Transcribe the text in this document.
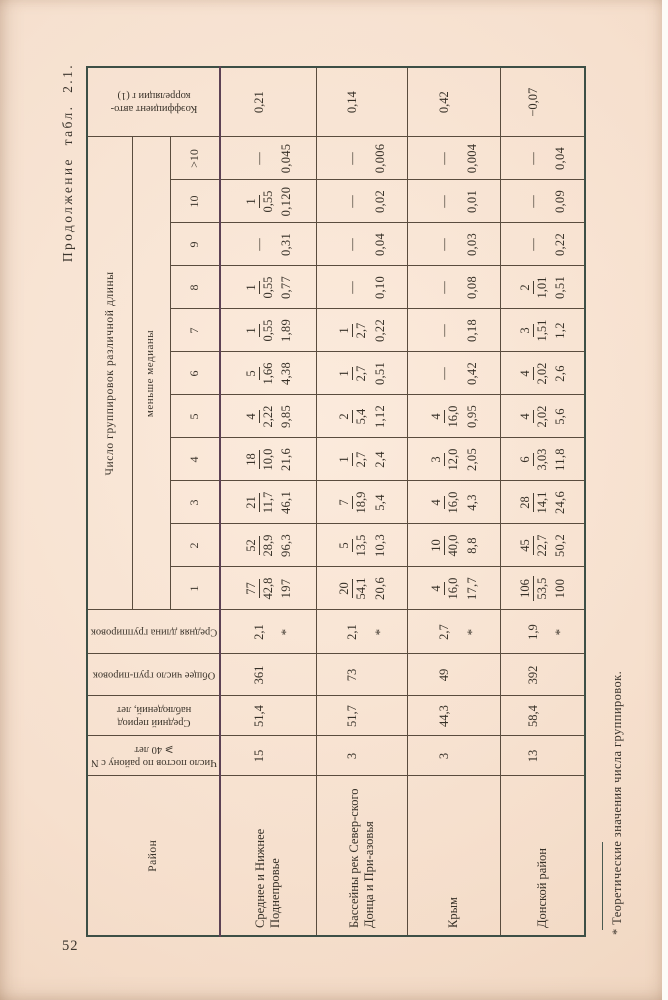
Продолжение табл. 2.1.
Район	Число постов по району с N ⩾ 40 лет	Средний период наблюдений, лет	Общее число груп-пировок	Средняя длина группировок	Число группировок различной длины											Коэффициент авто-корреляции r (1)

					меньше медианы											
					1	2	3	4	5	6	7	8	9	10	>10	
Среднее и Нижнее Поднепровье	15	51,4	361	2,1 *	77 42,8 197	52 28,9 96,3	21 11,7 46,1	18 10,0 21,6	4 2,22 9,85	5 1,66 4,38	1 0,55 1,89	1 0,55 0,77	— 0,31	1 0,55 0,120	— 0,045	0,21

Бассейны рек Север-ского Донца и При-азовья	3	51,7	73	2,1 *	20 54,1 20,6	5 13,5 10,3	7 18,9 5,4	1 2,7 2,4	2 5,4 1,12	1 2,7 0,51	1 2,7 0,22	— 0,10	— 0,04	— 0,02	— 0,006	0,14

Крым	3	44,3	49	2,7 *	4 16,0 17,7	10 40,0 8,8	4 16,0 4,3	3 12,0 2,05	4 16,0 0,95	— 0,42	— 0,18	— 0,08	— 0,03	— 0,01	— 0,004	0,42

Донской район	13	58,4	392	1,9 *	106 53,5 100	45 22,7 50,2	28 14,1 24,6	6 3,03 11,8	4 2,02 5,6	4 2,02 2,6	3 1,51 1,2	2 1,01 0,51	— 0,22	— 0,09	— 0,04	−0,07
* Теоретические значения числа группировок.
52
